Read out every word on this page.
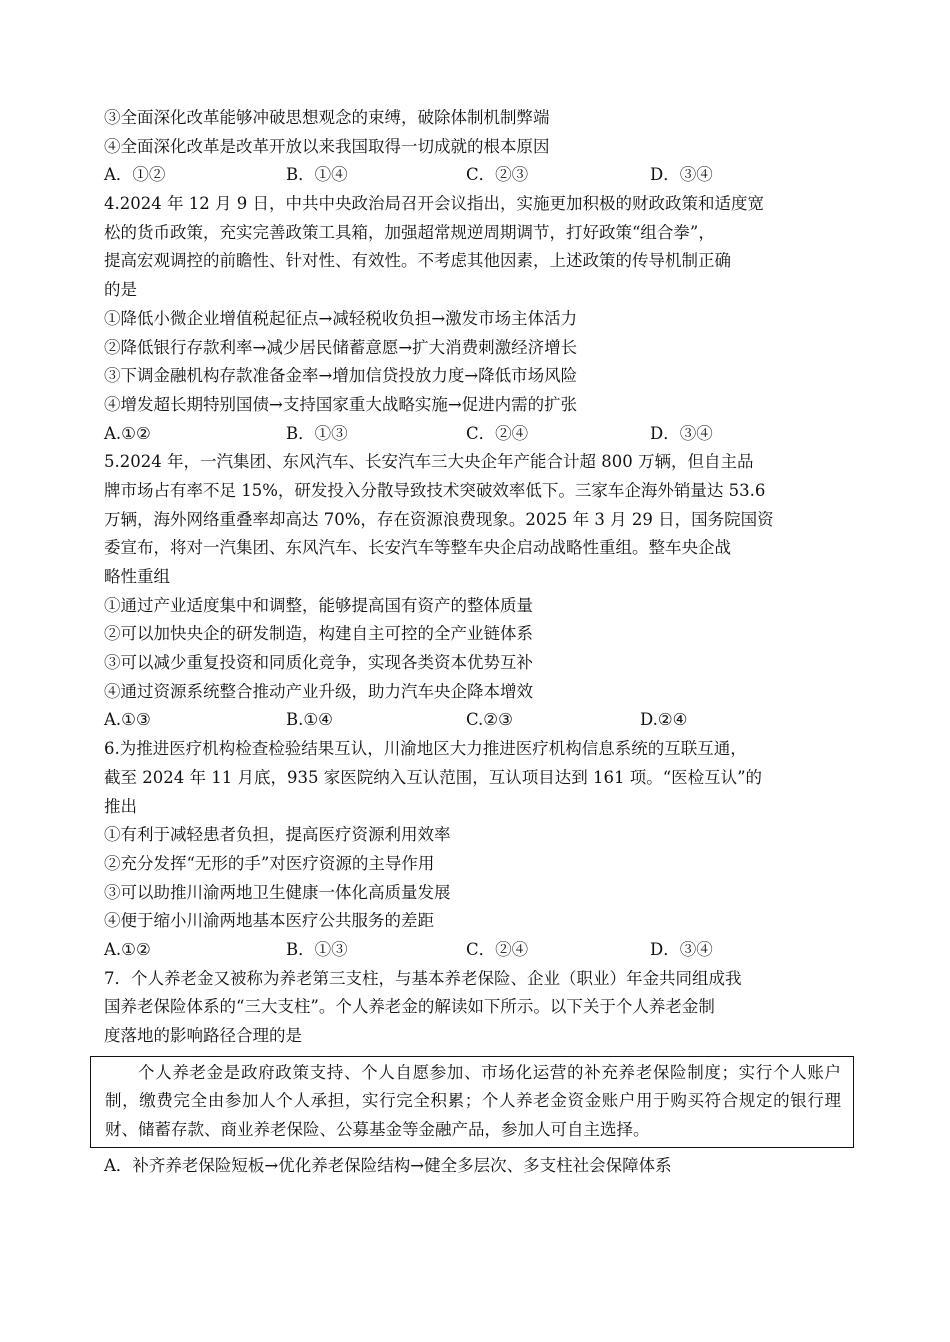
③全面深化改革能够冲破思想观念的束缚，破除体制机制弊端
④全面深化改革是改革开放以来我国取得一切成就的根本原因
A．①②	B．①④	C．②③	D．③④
4.2024 年 12 月 9 日，中共中央政治局召开会议指出，实施更加积极的财政政策和适度宽
松的货币政策，充实完善政策工具箱，加强超常规逆周期调节，打好政策“组合拳”，
提高宏观调控的前瞻性、针对性、有效性。不考虑其他因素，上述政策的传导机制正确
的是
①降低小微企业增值税起征点→减轻税收负担→激发市场主体活力
②降低银行存款利率→减少居民储蓄意愿→扩大消费刺激经济增长
③下调金融机构存款准备金率→增加信贷投放力度→降低市场风险
④增发超长期特别国债→支持国家重大战略实施→促进内需的扩张
A.①②	B．①③	C．②④	D．③④
5.2024 年，一汽集团、东风汽车、长安汽车三大央企年产能合计超 800 万辆，但自主品
牌市场占有率不足 15%，研发投入分散导致技术突破效率低下。三家车企海外销量达 53.6
万辆，海外网络重叠率却高达 70%，存在资源浪费现象。2025 年 3 月 29 日，国务院国资
委宣布，将对一汽集团、东风汽车、长安汽车等整车央企启动战略性重组。整车央企战
略性重组
①通过产业适度集中和调整，能够提高国有资产的整体质量
②可以加快央企的研发制造，构建自主可控的全产业链体系
③可以减少重复投资和同质化竞争，实现各类资本优势互补
④通过资源系统整合推动产业升级，助力汽车央企降本增效
A.①③	B.①④	C.②③	D.②④
6.为推进医疗机构检查检验结果互认，川渝地区大力推进医疗机构信息系统的互联互通，
截至 2024 年 11 月底，935 家医院纳入互认范围，互认项目达到 161 项。“医检互认”的
推出
①有利于减轻患者负担，提高医疗资源利用效率
②充分发挥“无形的手”对医疗资源的主导作用
③可以助推川渝两地卫生健康一体化高质量发展
④便于缩小川渝两地基本医疗公共服务的差距
A.①②	B．①③	C．②④	D．③④
7．个人养老金又被称为养老第三支柱，与基本养老保险、企业（职业）年金共同组成我
国养老保险体系的“三大支柱”。个人养老金的解读如下所示。以下关于个人养老金制
度落地的影响路径合理的是
个人养老金是政府政策支持、个人自愿参加、市场化运营的补充养老保险制度；实行个人账户制，缴费完全由参加人个人承担，实行完全积累；个人养老金资金账户用于购买符合规定的银行理财、储蓄存款、商业养老保险、公募基金等金融产品，参加人可自主选择。
A．补齐养老保险短板→优化养老保险结构→健全多层次、多支柱社会保障体系
